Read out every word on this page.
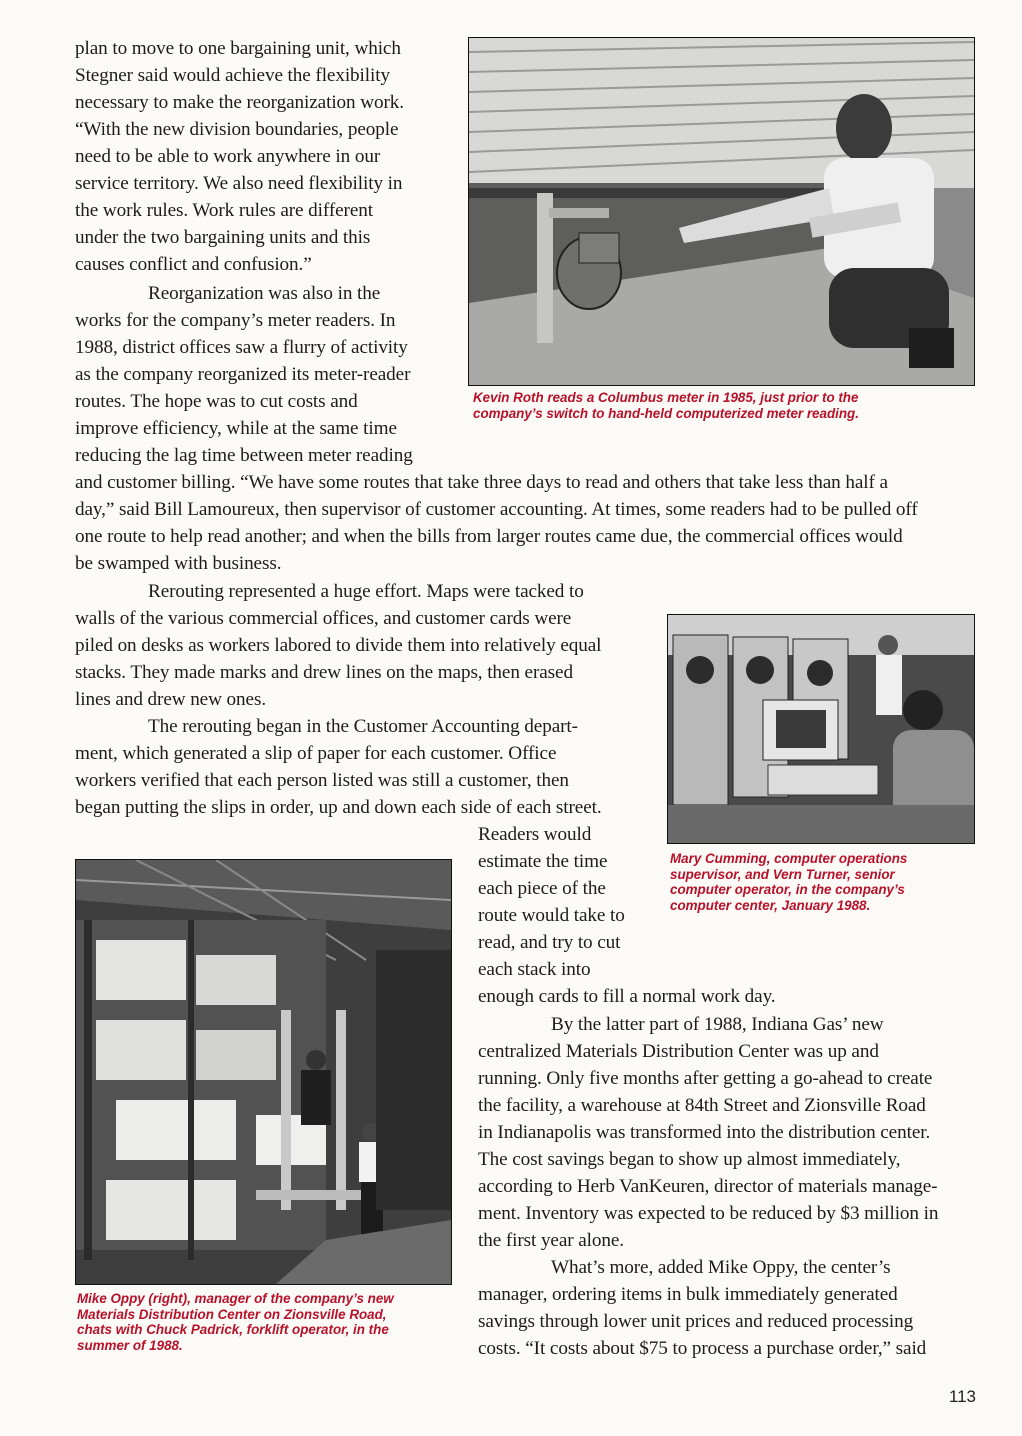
plan to move to one bargaining unit, which
Stegner said would achieve the flexibility
necessary to make the reorganization work.
“With the new division boundaries, people
need to be able to work anywhere in our
service territory. We also need flexibility in
the work rules. Work rules are different
under the two bargaining units and this
causes conflict and confusion.”
Reorganization was also in the
works for the company’s meter readers. In
1988, district offices saw a flurry of activity
as the company reorganized its meter-reader
routes. The hope was to cut costs and
improve efficiency, while at the same time
reducing the lag time between meter reading
and customer billing. “We have some routes that take three days to read and others that take less than half a
day,” said Bill Lamoureux, then supervisor of customer accounting. At times, some readers had to be pulled off
one route to help read another; and when the bills from larger routes came due, the commercial offices would
be swamped with business.
Rerouting represented a huge effort. Maps were tacked to
walls of the various commercial offices, and customer cards were
piled on desks as workers labored to divide them into relatively equal
stacks. They made marks and drew lines on the maps, then erased
lines and drew new ones.
The rerouting began in the Customer Accounting depart-
ment, which generated a slip of paper for each customer. Office
workers verified that each person listed was still a customer, then
began putting the slips in order, up and down each side of each street.
Readers would
estimate the time
each piece of the
route would take to
read, and try to cut
each stack into
enough cards to fill a normal work day.
By the latter part of 1988, Indiana Gas’ new
centralized Materials Distribution Center was up and
running. Only five months after getting a go-ahead to create
the facility, a warehouse at 84th Street and Zionsville Road
in Indianapolis was transformed into the distribution center.
The cost savings began to show up almost immediately,
according to Herb VanKeuren, director of materials manage-
ment. Inventory was expected to be reduced by $3 million in
the first year alone.
What’s more, added Mike Oppy, the center’s
manager, ordering items in bulk immediately generated
savings through lower unit prices and reduced processing
costs. “It costs about $75 to process a purchase order,” said
Kevin Roth reads a Columbus meter in 1985, just prior to the
company’s switch to hand-held computerized meter reading.
Mary Cumming, computer operations
supervisor, and Vern Turner, senior
computer operator, in the company’s
computer center, January 1988.
Mike Oppy (right), manager of the company’s new
Materials Distribution Center on Zionsville Road,
chats with Chuck Padrick, forklift operator, in the
summer of 1988.
113
